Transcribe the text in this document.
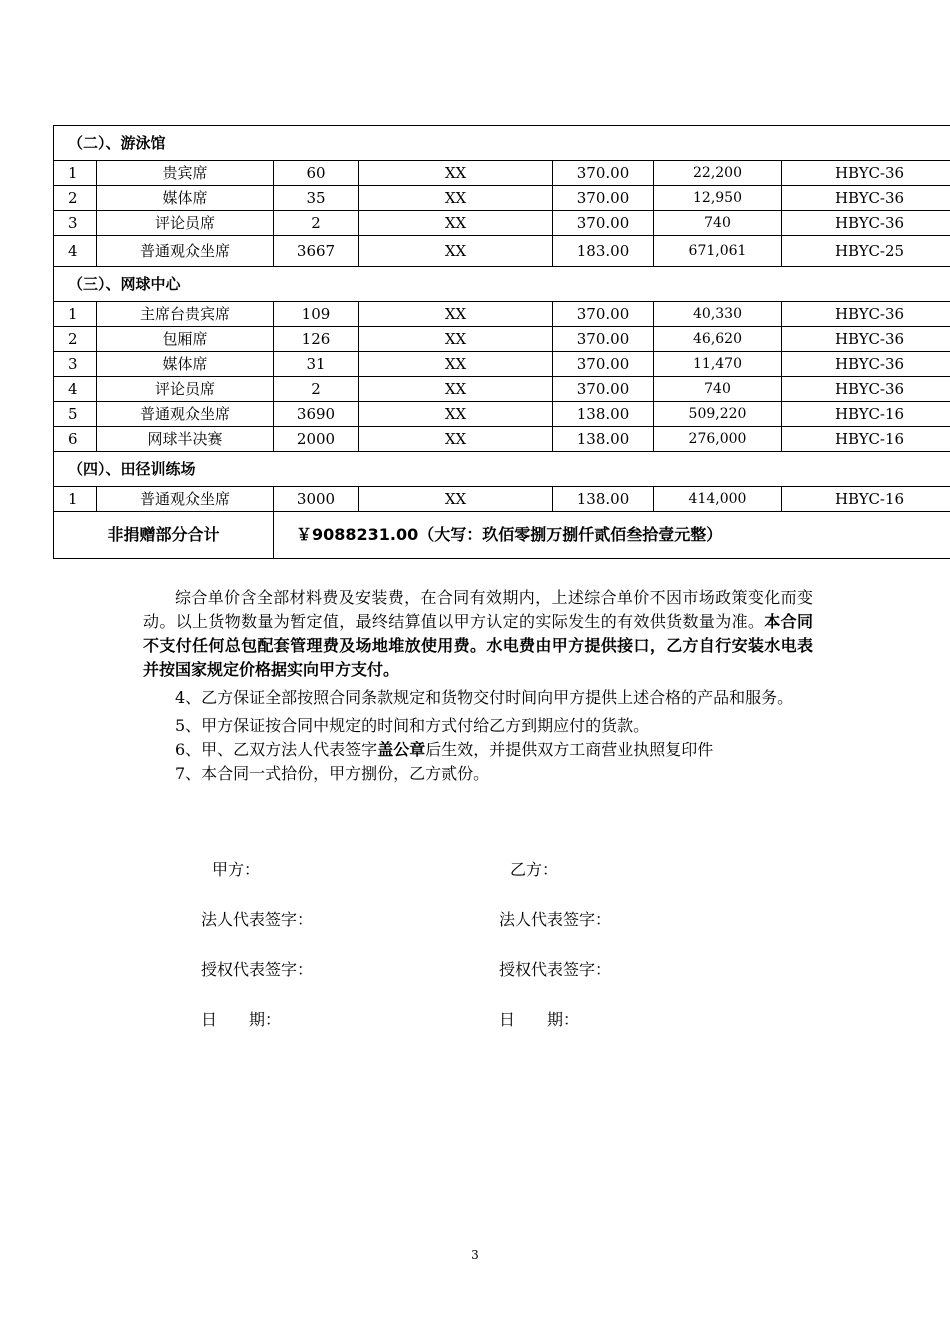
（二）、游泳馆						
1	贵宾席	60	XX	370.00	22,200	HBYC-36
2	媒体席	35	XX	370.00	12,950	HBYC-36
3	评论员席	2	XX	370.00	740	HBYC-36
4	普通观众坐席	3667	XX	183.00	671,061	HBYC-25
（三）、网球中心						
1	主席台贵宾席	109	XX	370.00	40,330	HBYC-36
2	包厢席	126	XX	370.00	46,620	HBYC-36
3	媒体席	31	XX	370.00	11,470	HBYC-36
4	评论员席	2	XX	370.00	740	HBYC-36
5	普通观众坐席	3690	XX	138.00	509,220	HBYC-16
6	网球半决赛	2000	XX	138.00	276,000	HBYC-16
（四）、田径训练场						
1	普通观众坐席	3000	XX	138.00	414,000	HBYC-16
非捐赠部分合计		￥9088231.00（大写：玖佰零捌万捌仟贰佰叁拾壹元整）				

综合单价含全部材料费及安装费，在合同有效期内，上述综合单价不因市场政策变化而变动。以上货物数量为暂定值，最终结算值以甲方认定的实际发生的有效供货数量为准。本合同不支付任何总包配套管理费及场地堆放使用费。水电费由甲方提供接口，乙方自行安装水电表并按国家规定价格据实向甲方支付。

4、乙方保证全部按照合同条款规定和货物交付时间向甲方提供上述合格的产品和服务。

5、甲方保证按合同中规定的时间和方式付给乙方到期应付的货款。

6、甲、乙双方法人代表签字盖公章后生效，并提供双方工商营业执照复印件

7、本合同一式拾份，甲方捌份，乙方贰份。

甲方：	乙方：
法人代表签字：	法人代表签字：
授权代表签字：	授权代表签字：
日　　期：	日　　期：
3
